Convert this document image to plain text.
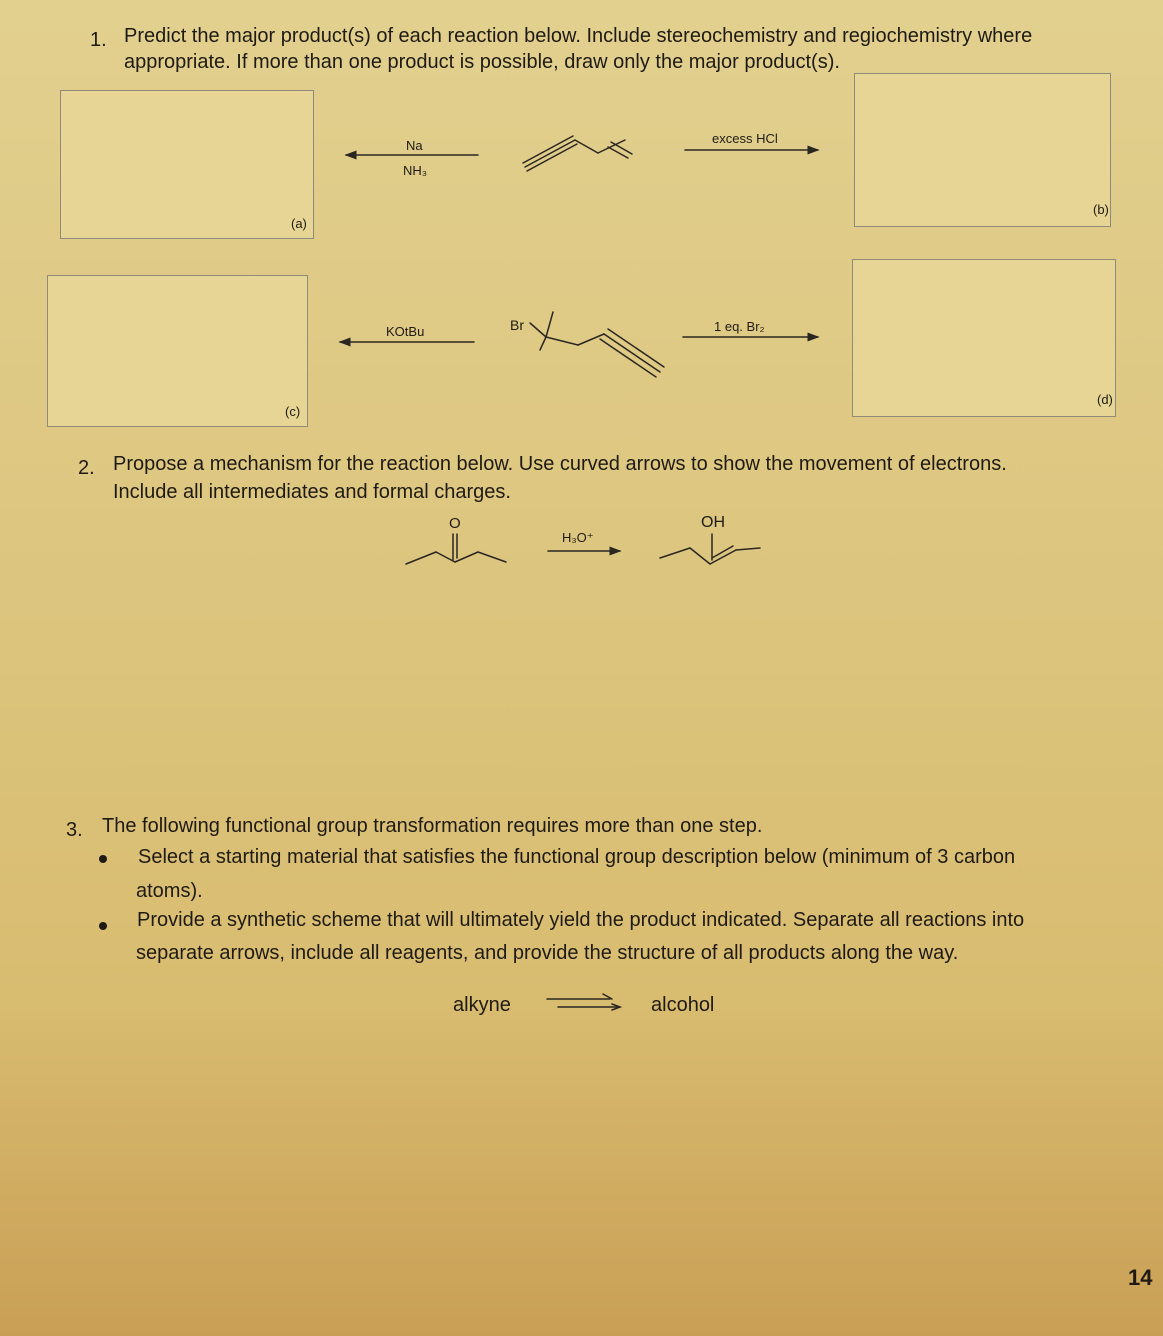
1. Predict the major product(s) of each reaction below. Include stereochemistry and regiochemistry where
appropriate. If more than one product is possible, draw only the major product(s).
(a)
(b)
(c)
(d)
Na
NH₃
excess HCl
KOtBu	1 eq. Br₂
Br
2. Propose a mechanism for the reaction below. Use curved arrows to show the movement of electrons.
Include all intermediates and formal charges.
O
H₃O⁺
OH
3. The following functional group transformation requires more than one step.
Select a starting material that satisfies the functional group description below (minimum of 3 carbon
atoms).
Provide a synthetic scheme that will ultimately yield the product indicated. Separate all reactions into
separate arrows, include all reagents, and provide the structure of all products along the way.
alkyne	alcohol
14
